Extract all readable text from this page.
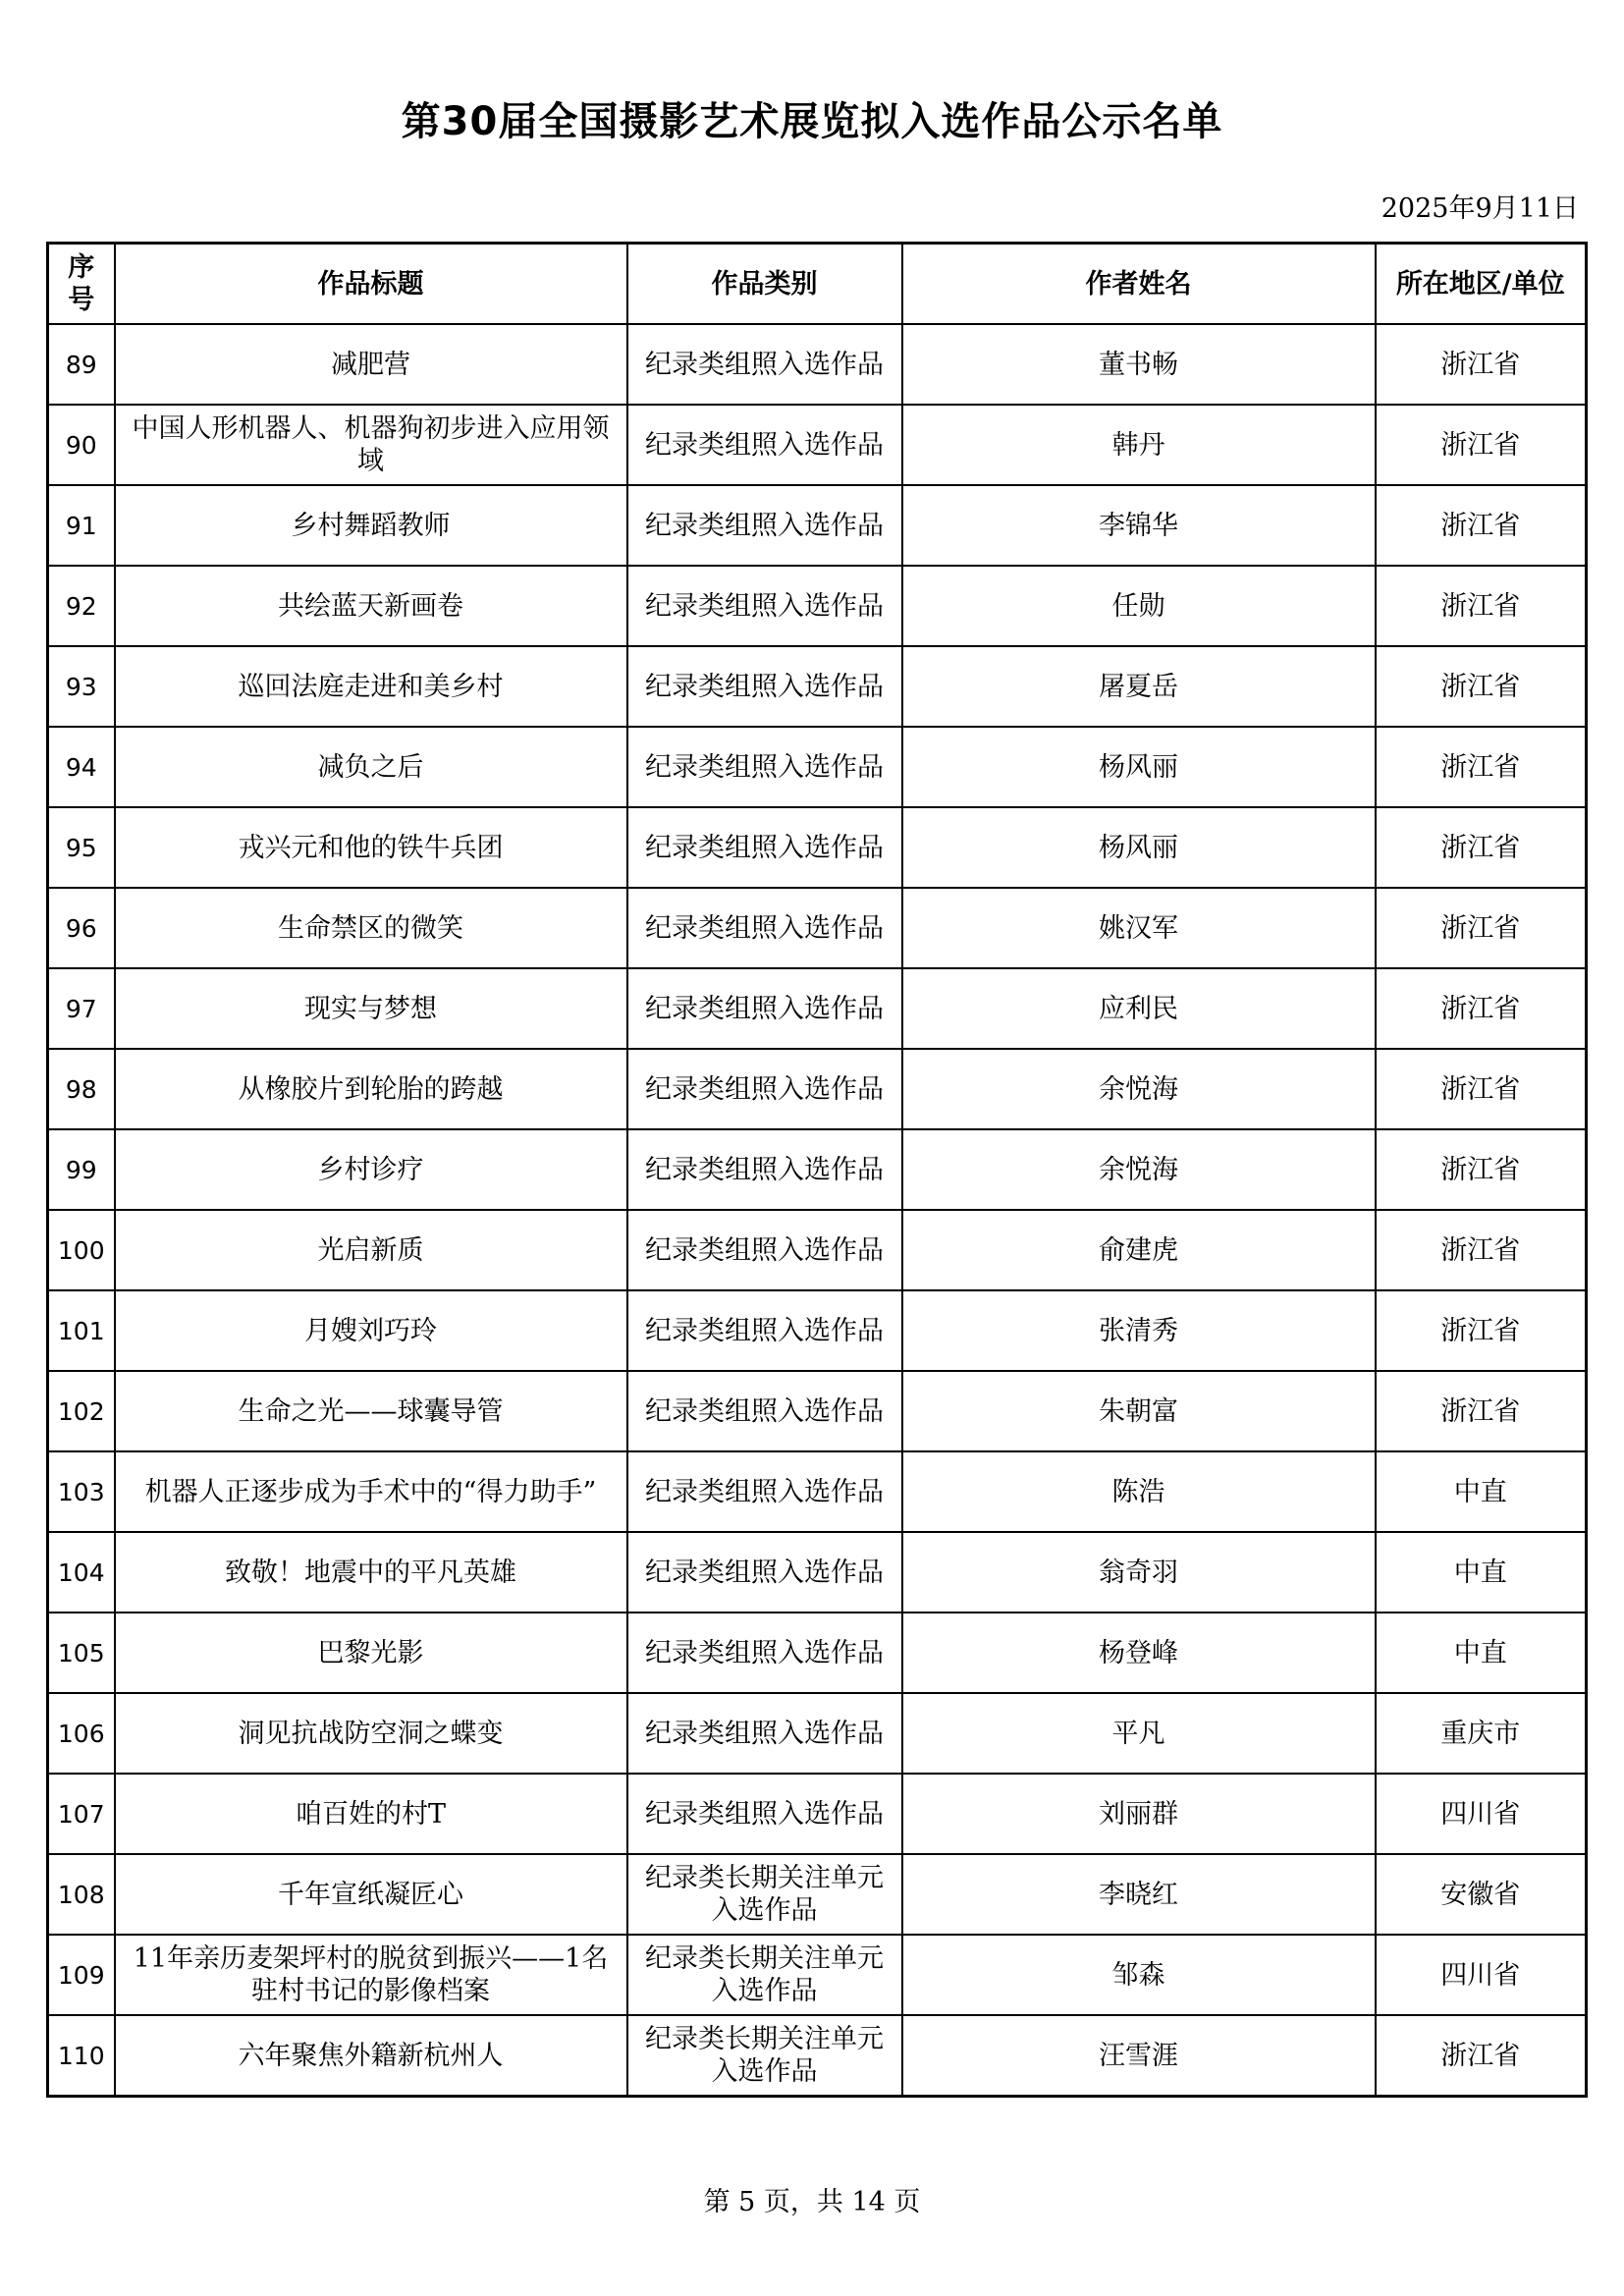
第30届全国摄影艺术展览拟入选作品公示名单
2025年9月11日
序号	作品标题	作品类别	作者姓名	所在地区/单位
89	减肥营	纪录类组照入选作品	董书畅	浙江省
90	中国人形机器人、机器狗初步进入应用领域	纪录类组照入选作品	韩丹	浙江省
91	乡村舞蹈教师	纪录类组照入选作品	李锦华	浙江省
92	共绘蓝天新画卷	纪录类组照入选作品	任勋	浙江省
93	巡回法庭走进和美乡村	纪录类组照入选作品	屠夏岳	浙江省
94	减负之后	纪录类组照入选作品	杨风丽	浙江省
95	戎兴元和他的铁牛兵团	纪录类组照入选作品	杨风丽	浙江省
96	生命禁区的微笑	纪录类组照入选作品	姚汉军	浙江省
97	现实与梦想	纪录类组照入选作品	应利民	浙江省
98	从橡胶片到轮胎的跨越	纪录类组照入选作品	余悦海	浙江省
99	乡村诊疗	纪录类组照入选作品	余悦海	浙江省
100	光启新质	纪录类组照入选作品	俞建虎	浙江省
101	月嫂刘巧玲	纪录类组照入选作品	张清秀	浙江省
102	生命之光——球囊导管	纪录类组照入选作品	朱朝富	浙江省
103	机器人正逐步成为手术中的“得力助手”	纪录类组照入选作品	陈浩	中直
104	致敬！地震中的平凡英雄	纪录类组照入选作品	翁奇羽	中直
105	巴黎光影	纪录类组照入选作品	杨登峰	中直
106	洞见抗战防空洞之蝶变	纪录类组照入选作品	平凡	重庆市
107	咱百姓的村T	纪录类组照入选作品	刘丽群	四川省
108	千年宣纸凝匠心	纪录类长期关注单元入选作品	李晓红	安徽省
109	11年亲历麦架坪村的脱贫到振兴——1名驻村书记的影像档案	纪录类长期关注单元入选作品	邹森	四川省
110	六年聚焦外籍新杭州人	纪录类长期关注单元入选作品	汪雪涯	浙江省
第 5 页，共 14 页
